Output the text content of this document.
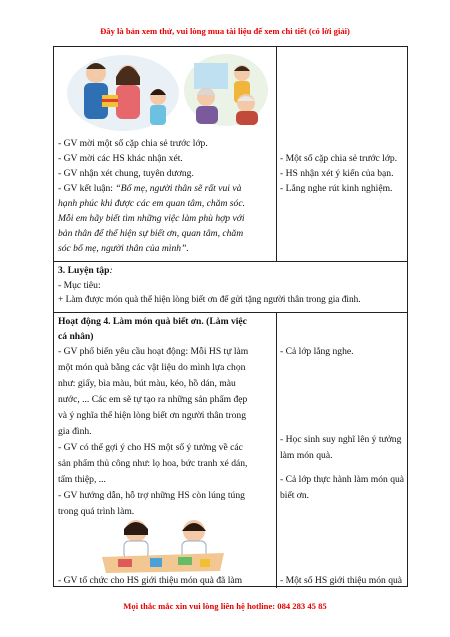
Đây là bản xem thử, vui lòng mua tài liệu để xem chi tiết (có lời giải)
- GV mời một số cặp chia sẻ trước lớp.
- GV mời các HS khác nhận xét.
- GV nhận xét chung, tuyên dương.
- GV kết luận: “Bố mẹ, người thân sẽ rất vui và
hạnh phúc khi được các em quan tâm, chăm sóc.
Mỗi em hãy biết tìm những việc làm phù hợp với
bản thân để thể hiện sự biết ơn, quan tâm, chăm
sóc bố mẹ, người thân của mình”.
- Một số cặp chia sẻ trước lớp.
- HS nhận xét ý kiến của bạn.
- Lắng nghe rút kinh nghiệm.
3. Luyện tập:
- Mục tiêu:
+ Làm được món quà thể hiện lòng biết ơn để gửi tặng người thân trong gia đình.
Hoạt động 4. Làm món quà biết ơn. (Làm việc
cá nhân)
- GV phổ biến yêu cầu hoạt động: Mỗi HS tự làm
một món quà bằng các vật liệu do mình lựa chọn
như: giấy, bìa màu, bút màu, kéo, hồ dán, màu
nước, ... Các em sẽ tự tạo ra những sản phẩm đẹp
và ý nghĩa thể hiện lòng biết ơn người thân trong
gia đình.
- GV có thể gợi ý cho HS một số ý tưởng về các
sản phẩm thủ công như: lọ hoa, bức tranh xé dán,
tấm thiệp, ...
- GV hướng dẫn, hỗ trợ những HS còn lúng túng
trong quá trình làm.
- GV tổ chức cho HS giới thiệu món quà đã làm
- Cả lớp lắng nghe.
- Học sinh suy nghĩ lên ý tưởng
làm món quà.
- Cả lớp thực hành làm món quà
biết ơn.
- Một số HS giới thiệu món quà
Mọi thắc mắc xin vui lòng liên hệ hotline: 084 283 45 85
